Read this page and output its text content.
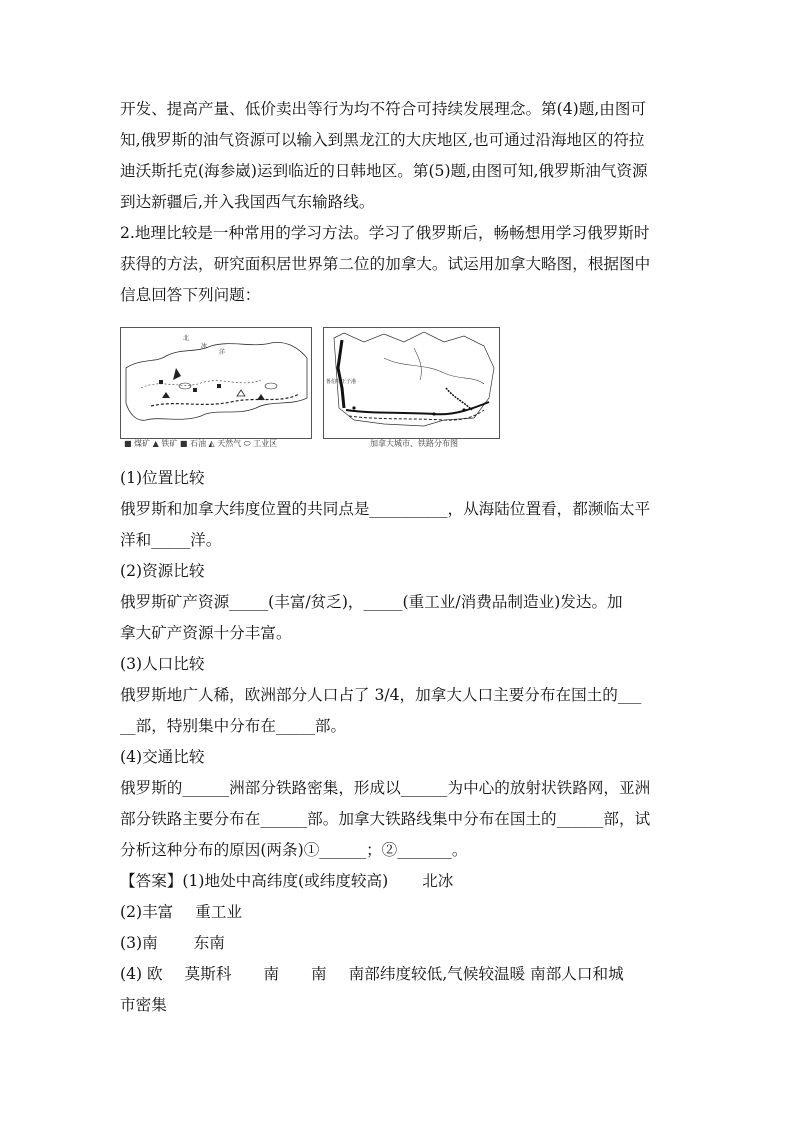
开发、提高产量、低价卖出等行为均不符合可持续发展理念。第(4)题,由图可
知,俄罗斯的油气资源可以输入到黑龙江的大庆地区,也可通过沿海地区的符拉
迪沃斯托克(海参崴)运到临近的日韩地区。第(5)题,由图可知,俄罗斯油气资源
到达新疆后,并入我国西气东输路线。
2.地理比较是一种常用的学习方法。学习了俄罗斯后，畅畅想用学习俄罗斯时
获得的方法，研究面积居世界第二位的加拿大。试运用加拿大略图，根据图中
信息回答下列问题：
北
洋
冰
■ 煤矿 ▲ 铁矿 ■ 石油 ◭ 天然气 ⬭ 工业区
鲁伯特王子港
加拿大城市、铁路分布图
(1)位置比较
俄罗斯和加拿大纬度位置的共同点是__________，从海陆位置看，都濒临太平
洋和_____洋。
(2)资源比较
俄罗斯矿产资源_____(丰富/贫乏)，_____(重工业/消费品制造业)发达。加
拿大矿产资源十分丰富。
(3)人口比较
俄罗斯地广人稀，欧洲部分人口占了 3/4，加拿大人口主要分布在国土的___
__部，特别集中分布在_____部。
(4)交通比较
俄罗斯的______洲部分铁路密集，形成以______为中心的放射状铁路网，亚洲
部分铁路主要分布在______部。加拿大铁路线集中分布在国土的______部，试
分析这种分布的原因(两条)①______；②_______。
【答案】(1)地处中高纬度(或纬度较高) 北冰
(2)丰富 重工业
(3)南 东南
(4) 欧 莫斯科 南 南 南部纬度较低,气候较温暖 南部人口和城
市密集
